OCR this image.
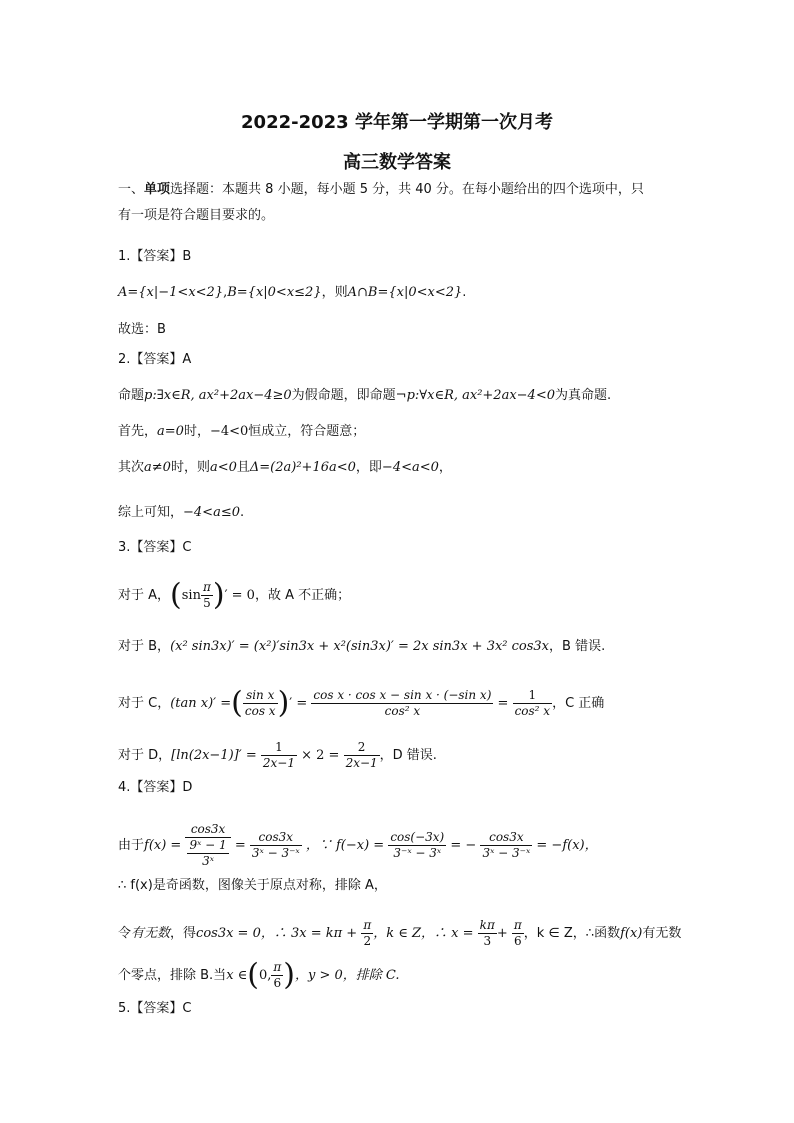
2022-2023 学年第一学期第一次月考
高三数学答案
一、单项选择题：本题共 8 小题，每小题 5 分，共 40 分。在每小题给出的四个选项中，只
有一项是符合题目要求的。
1.【答案】B
A={x|−1<x<2},B={x|0<x≤2}，则A∩B={x|0<x<2}.
故选：B
2.【答案】A
命题p:∃x∈R, ax²+2ax−4≥0为假命题，即命题¬p:∀x∈R, ax²+2ax−4<0为真命题.
首先，a=0时，−4<0恒成立，符合题意；
其次a≠0时，则a<0且Δ=(2a)²+16a<0，即−4<a<0，
综上可知，−4<a≤0.
3.【答案】C
对于 A，($\sin \frac{\pi}{5}$ )′ = 0，故 A 不正确；
对于 B，(x² sin3x)′ = (x²)′sin3x + x²(sin3x)′ = 2x sin3x + 3x² cos3x，B 错误.
对于 C，(tan x)′ =( $\frac{\text{sin x}}{\text{cos x}}$ )′ = $\frac{\text{cos x · cos x − sin x · (−sin x)}}{\text{cos² x}} = \frac{1}{\text{cos² x}}$ ，C 正确
对于 D，$[\ln(2x-1)]' = \frac{1}{2x-1} \times 2 = \frac{2}{2x-1}$ ，D 错误.
4.【答案】D
由于$f(x) = \frac{\cos 3x}{\frac{\text{9ˣ − 1}}{\text{3ˣ}}} = \frac{\cos 3x}{\text{3ˣ − 3⁻ˣ}}$ ，∵ $f(-x) = \frac{\cos(-3x)}{\text{3⁻ˣ − 3ˣ}}$ = − $\frac{\cos 3x}{\text{3ˣ − 3⁻ˣ}} = -f(x)$，
∴ f(x)是奇函数，图像关于原点对称，排除 A，
令有无数，得cos3x = 0，∴ $3x = k\pi + \frac{\pi}{2}$ ，k ∈ Z，∴ $x = \frac{k\pi}{3} + \frac{\pi}{6}$ ，k ∈ Z，∴函数f(x)有无数
个零点，排除 B.当x ∈(0, $\frac{\pi}{6}$ )，y > 0，排除 C.
5.【答案】C
